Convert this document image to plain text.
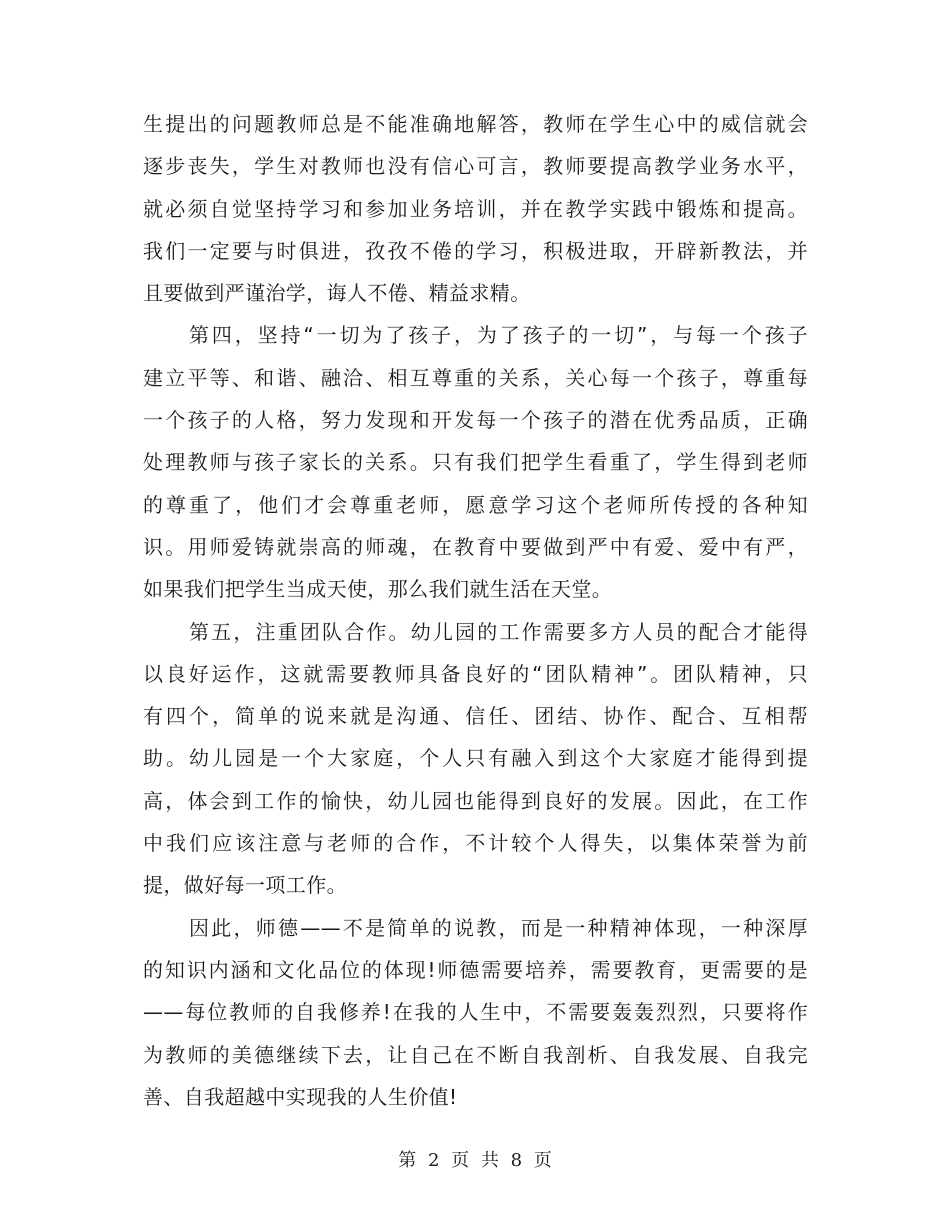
生提出的问题教师总是不能准确地解答，教师在学生心中的威信就会
逐步丧失，学生对教师也没有信心可言，教师要提高教学业务水平，
就必须自觉坚持学习和参加业务培训，并在教学实践中锻炼和提高。
我们一定要与时俱进，孜孜不倦的学习，积极进取，开辟新教法，并
且要做到严谨治学，诲人不倦、精益求精。
第四，坚持“一切为了孩子，为了孩子的一切”，与每一个孩子
建立平等、和谐、融洽、相互尊重的关系，关心每一个孩子，尊重每
一个孩子的人格，努力发现和开发每一个孩子的潜在优秀品质，正确
处理教师与孩子家长的关系。只有我们把学生看重了，学生得到老师
的尊重了，他们才会尊重老师，愿意学习这个老师所传授的各种知
识。用师爱铸就崇高的师魂，在教育中要做到严中有爱、爱中有严，
如果我们把学生当成天使，那么我们就生活在天堂。
第五，注重团队合作。幼儿园的工作需要多方人员的配合才能得
以良好运作，这就需要教师具备良好的“团队精神”。团队精神，只
有四个，简单的说来就是沟通、信任、团结、协作、配合、互相帮
助。幼儿园是一个大家庭，个人只有融入到这个大家庭才能得到提
高，体会到工作的愉快，幼儿园也能得到良好的发展。因此，在工作
中我们应该注意与老师的合作，不计较个人得失，以集体荣誉为前
提，做好每一项工作。
因此，师德——不是简单的说教，而是一种精神体现，一种深厚
的知识内涵和文化品位的体现!师德需要培养，需要教育，更需要的是
——每位教师的自我修养!在我的人生中，不需要轰轰烈烈，只要将作
为教师的美德继续下去，让自己在不断自我剖析、自我发展、自我完
善、自我超越中实现我的人生价值!
第 2 页 共 8 页
